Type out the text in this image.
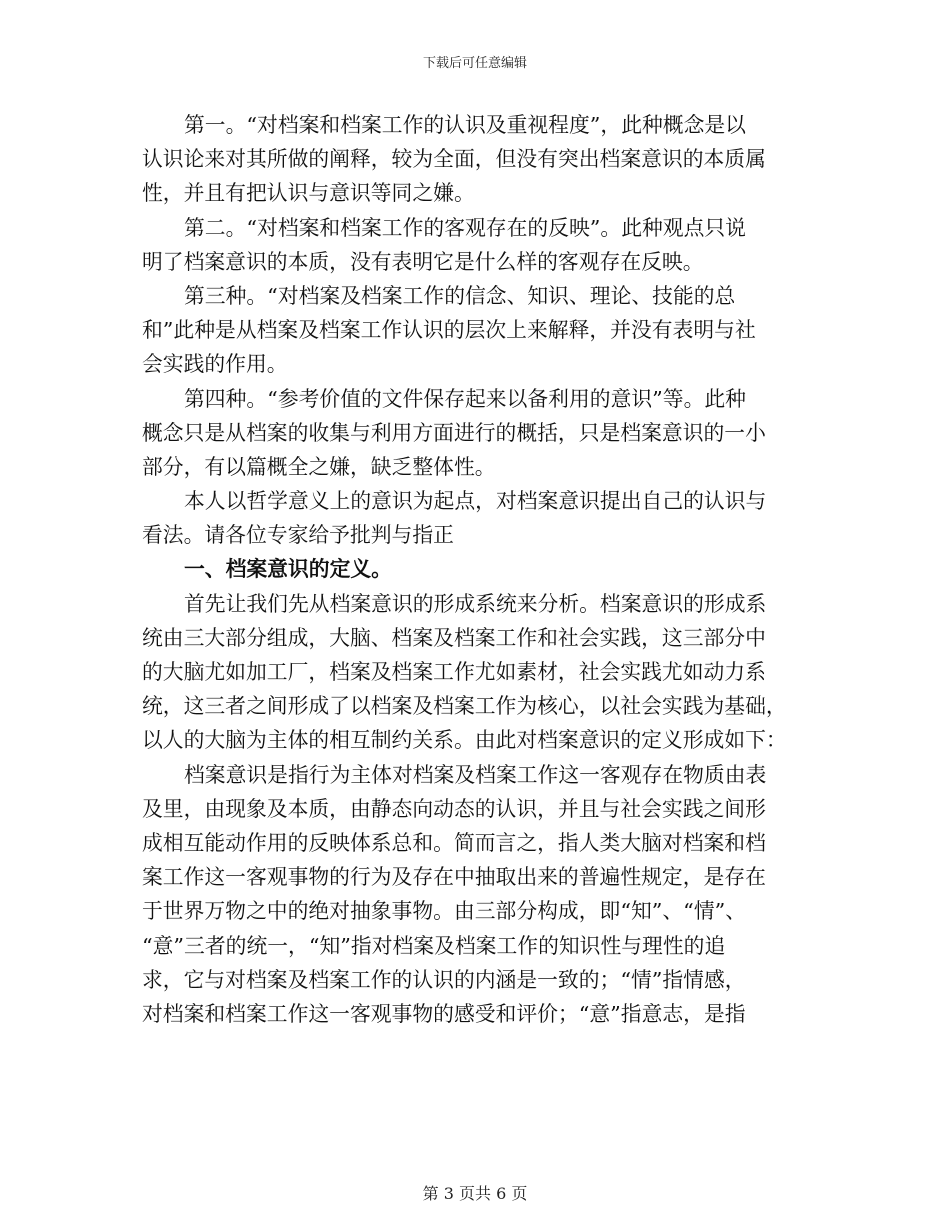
下载后可任意编辑
第一。“对档案和档案工作的认识及重视程度”，此种概念是以
认识论来对其所做的阐释，较为全面，但没有突出档案意识的本质属
性，并且有把认识与意识等同之嫌。
第二。“对档案和档案工作的客观存在的反映”。此种观点只说
明了档案意识的本质，没有表明它是什么样的客观存在反映。
第三种。“对档案及档案工作的信念、知识、理论、技能的总
和”此种是从档案及档案工作认识的层次上来解释，并没有表明与社
会实践的作用。
第四种。“参考价值的文件保存起来以备利用的意识”等。此种
概念只是从档案的收集与利用方面进行的概括，只是档案意识的一小
部分，有以篇概全之嫌，缺乏整体性。
本人以哲学意义上的意识为起点，对档案意识提出自己的认识与
看法。请各位专家给予批判与指正
一、档案意识的定义。
首先让我们先从档案意识的形成系统来分析。档案意识的形成系
统由三大部分组成，大脑、档案及档案工作和社会实践，这三部分中
的大脑尤如加工厂，档案及档案工作尤如素材，社会实践尤如动力系
统，这三者之间形成了以档案及档案工作为核心，以社会实践为基础，
以人的大脑为主体的相互制约关系。由此对档案意识的定义形成如下：
档案意识是指行为主体对档案及档案工作这一客观存在物质由表
及里，由现象及本质，由静态向动态的认识，并且与社会实践之间形
成相互能动作用的反映体系总和。简而言之，指人类大脑对档案和档
案工作这一客观事物的行为及存在中抽取出来的普遍性规定，是存在
于世界万物之中的绝对抽象事物。由三部分构成，即“知”、“情”、
“意”三者的统一，“知”指对档案及档案工作的知识性与理性的追
求，它与对档案及档案工作的认识的内涵是一致的；“情”指情感，
对档案和档案工作这一客观事物的感受和评价；“意”指意志，是指
第 3 页共 6 页
